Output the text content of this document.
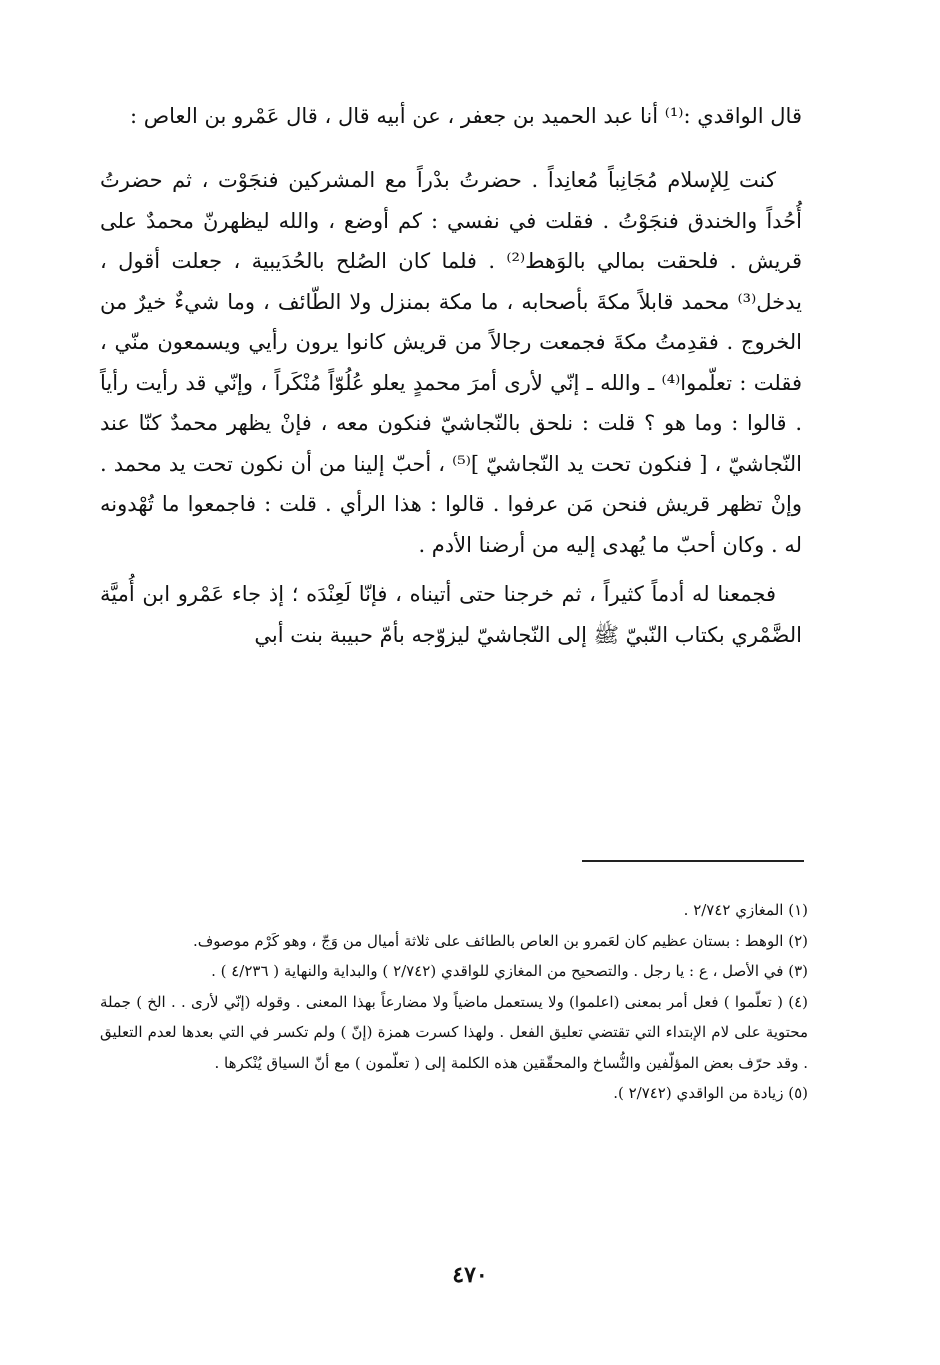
قال الواقدي :⁽¹⁾ أنا عبد الحميد بن جعفر ، عن أبيه قال ، قال عَمْرو بن العاص :

كنت لِلإسلام مُجَانِباً مُعانِداً . حضرتُ بدْراً مع المشركين فنجَوْت ، ثم حضرتُ أُحُداً والخندق فنجَوْتُ . فقلت في نفسي : كم أوضع ، والله ليظهرنّ محمدٌ على قريش . فلحقت بمالي بالوَهط⁽²⁾ . فلما كان الصُلح بالحُدَيبية ، جعلت أقول ، يدخل⁽³⁾ محمد قابلاً مكةَ بأصحابه ، ما مكة بمنزل ولا الطّائف ، وما شيءٌ خيرٌ من الخروج . فقدِمتُ مكةَ فجمعت رجالاً من قريش كانوا يرون رأيي ويسمعون منّي ، فقلت : تعلّموا⁽⁴⁾ ـ والله ـ إنّي لأرى أمرَ محمدٍ يعلو عُلُوّاً مُنْكَراً ، وإنّي قد رأيت رأياً . قالوا : وما هو ؟ قلت : نلحق بالنّجاشيّ فنكون معه ، فإنْ يظهر محمدٌ كنّا عند النّجاشيّ ، [ فنكون تحت يد النّجاشيّ ]⁽⁵⁾ ، أحبّ إلينا من أن نكون تحت يد محمد . وإنْ تظهر قريش فنحن مَن عرفوا . قالوا : هذا الرأي . قلت : فاجمعوا ما تُهْدونه له . وكان أحبّ ما يُهدى إليه من أرضنا الأدم .

فجمعنا له أدماً كثيراً ، ثم خرجنا حتى أتيناه ، فإنّا لَعِنْدَه ؛ إذ جاء عَمْرو ابن أُميَّة الضَّمْري بكتاب النّبيّ ﷺ إلى النّجاشيّ ليزوّجه بأمّ حبيبة بنت أبي

(١) المغازي ٢/٧٤٢ .

(٢) الوهط : بستان عظيم كان لعَمرو بن العاص بالطائف على ثلاثة أميال من وَجّ ، وهو كَرْم موصوف.

(٣) في الأصل ، ع : يا رجل . والتصحيح من المغازي للواقدي (٢/٧٤٢ ) والبداية والنهاية ( ٤/٢٣٦ ) .

(٤) ( تعلّموا ) فعل أمر بمعنى (اعلموا) ولا يستعمل ماضياً ولا مضارعاً بهذا المعنى . وقوله (إنّي لأرى . . الخ ) جملة محتوية على لام الإبتداء التي تقتضي تعليق الفعل . ولهذا كسرت همزة (إنّ ) ولم تكسر في التي بعدها لعدم التعليق . وقد حرّف بعض المؤلّفين والنُّساخ والمحقّقين هذه الكلمة إلى ( تعلّمون ) مع أنّ السياق يُنْكرها .

(٥) زيادة من الواقدي (٢/٧٤٢ ).

٤٧٠
